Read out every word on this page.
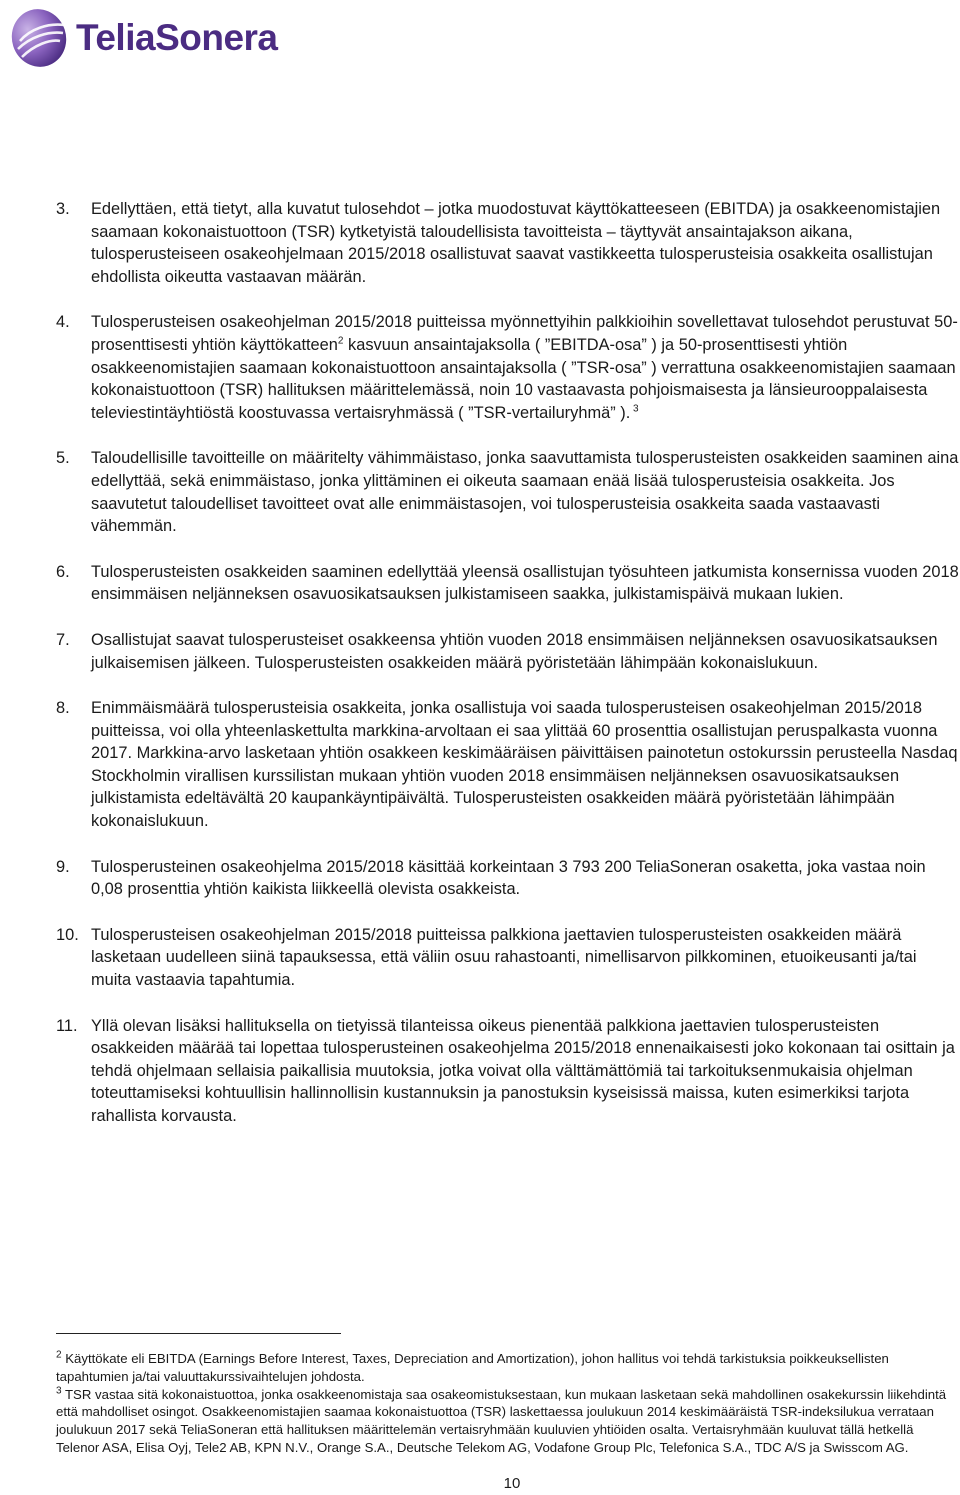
TeliaSonera
3. Edellyttäen, että tietyt, alla kuvatut tulosehdot – jotka muodostuvat käyttökatteeseen (EBITDA) ja osakkeenomistajien saamaan kokonaistuottoon (TSR) kytketyistä taloudellisista tavoitteista – täyttyvät ansaintajakson aikana, tulosperusteiseen osakeohjelmaan 2015/2018 osallistuvat saavat vastikkeetta tulosperusteisia osakkeita osallistujan ehdollista oikeutta vastaavan määrän.
4. Tulosperusteisen osakeohjelman 2015/2018 puitteissa myönnettyihin palkkioihin sovellettavat tulosehdot perustuvat 50-prosenttisesti yhtiön käyttökatteen$^2$ kasvuun ansaintajaksolla ( ”EBITDA-osa” ) ja 50-prosenttisesti yhtiön osakkeenomistajien saamaan kokonaistuottoon ansaintajaksolla ( ”TSR-osa” ) verrattuna osakkeenomistajien saamaan kokonaistuottoon (TSR) hallituksen määrittelemässä, noin 10 vastaavasta pohjoismaisesta ja länsieurooppalaisesta televiestintäyhtiöstä koostuvassa vertaisryhmässä ( ”TSR-vertailuryhmä” ). $^3$
5. Taloudellisille tavoitteille on määritelty vähimmäistaso, jonka saavuttamista tulosperusteisten osakkeiden saaminen aina edellyttää, sekä enimmäistaso, jonka ylittäminen ei oikeuta saamaan enää lisää tulosperusteisia osakkeita. Jos saavutetut taloudelliset tavoitteet ovat alle enimmäistasojen, voi tulosperusteisia osakkeita saada vastaavasti vähemmän.
6. Tulosperusteisten osakkeiden saaminen edellyttää yleensä osallistujan työsuhteen jatkumista konsernissa vuoden 2018 ensimmäisen neljänneksen osavuosikatsauksen julkistamiseen saakka, julkistamispäivä mukaan lukien.
7. Osallistujat saavat tulosperusteiset osakkeensa yhtiön vuoden 2018 ensimmäisen neljänneksen osavuosikatsauksen julkaisemisen jälkeen. Tulosperusteisten osakkeiden määrä pyöristetään lähimpään kokonaislukuun.
8. Enimmäismäärä tulosperusteisia osakkeita, jonka osallistuja voi saada tulosperusteisen osakeohjelman 2015/2018 puitteissa, voi olla yhteenlaskettulta markkina-arvoltaan ei saa ylittää 60 prosenttia osallistujan peruspalkasta vuonna 2017. Markkina-arvo lasketaan yhtiön osakkeen keskimääräisen päivittäisen painotetun ostokurssin perusteella Nasdaq Stockholmin virallisen kurssilistan mukaan yhtiön vuoden 2018 ensimmäisen neljänneksen osavuosikatsauksen julkistamista edeltävältä 20 kaupankäyntipäivältä. Tulosperusteisten osakkeiden määrä pyöristetään lähimpään kokonaislukuun.
9. Tulosperusteinen osakeohjelma 2015/2018 käsittää korkeintaan 3 793 200 TeliaSoneran osaketta, joka vastaa noin 0,08 prosenttia yhtiön kaikista liikkeellä olevista osakkeista.
10. Tulosperusteisen osakeohjelman 2015/2018 puitteissa palkkiona jaettavien tulosperusteisten osakkeiden määrä lasketaan uudelleen siinä tapauksessa, että väliin osuu rahastoanti, nimellisarvon pilkkominen, etuoikeusanti ja/tai muita vastaavia tapahtumia.
11. Yllä olevan lisäksi hallituksella on tietyissä tilanteissa oikeus pienentää palkkiona jaettavien tulosperusteisten osakkeiden määrää tai lopettaa tulosperusteinen osakeohjelma 2015/2018 ennenaikaisesti joko kokonaan tai osittain ja tehdä ohjelmaan sellaisia paikallisia muutoksia, jotka voivat olla välttämättömiä tai tarkoituksenmukaisia ohjelman toteuttamiseksi kohtuullisin hallinnollisin kustannuksin ja panostuksin kyseisissä maissa, kuten esimerkiksi tarjota rahallista korvausta.
$^2$ Käyttökate eli EBITDA (Earnings Before Interest, Taxes, Depreciation and Amortization), johon hallitus voi tehdä tarkistuksia poikkeuksellisten tapahtumien ja/tai valuuttakurssivaihtelujen johdosta.
$^3$ TSR vastaa sitä kokonaistuottoa, jonka osakkeenomistaja saa osakeomistuksestaan, kun mukaan lasketaan sekä mahdollinen osakekurssin liikehdintä että mahdolliset osingot. Osakkeenomistajien saamaa kokonaistuottoa (TSR) laskettaessa joulukuun 2014 keskimääräistä TSR-indeksilukua verrataan joulukuun 2017 sekä TeliaSoneran että hallituksen määrittelemän vertaisryhmään kuuluvien yhtiöiden osalta. Vertaisryhmään kuuluvat tällä hetkellä Telenor ASA, Elisa Oyj, Tele2 AB, KPN N.V., Orange S.A., Deutsche Telekom AG, Vodafone Group Plc, Telefonica S.A., TDC A/S ja Swisscom AG.
10
